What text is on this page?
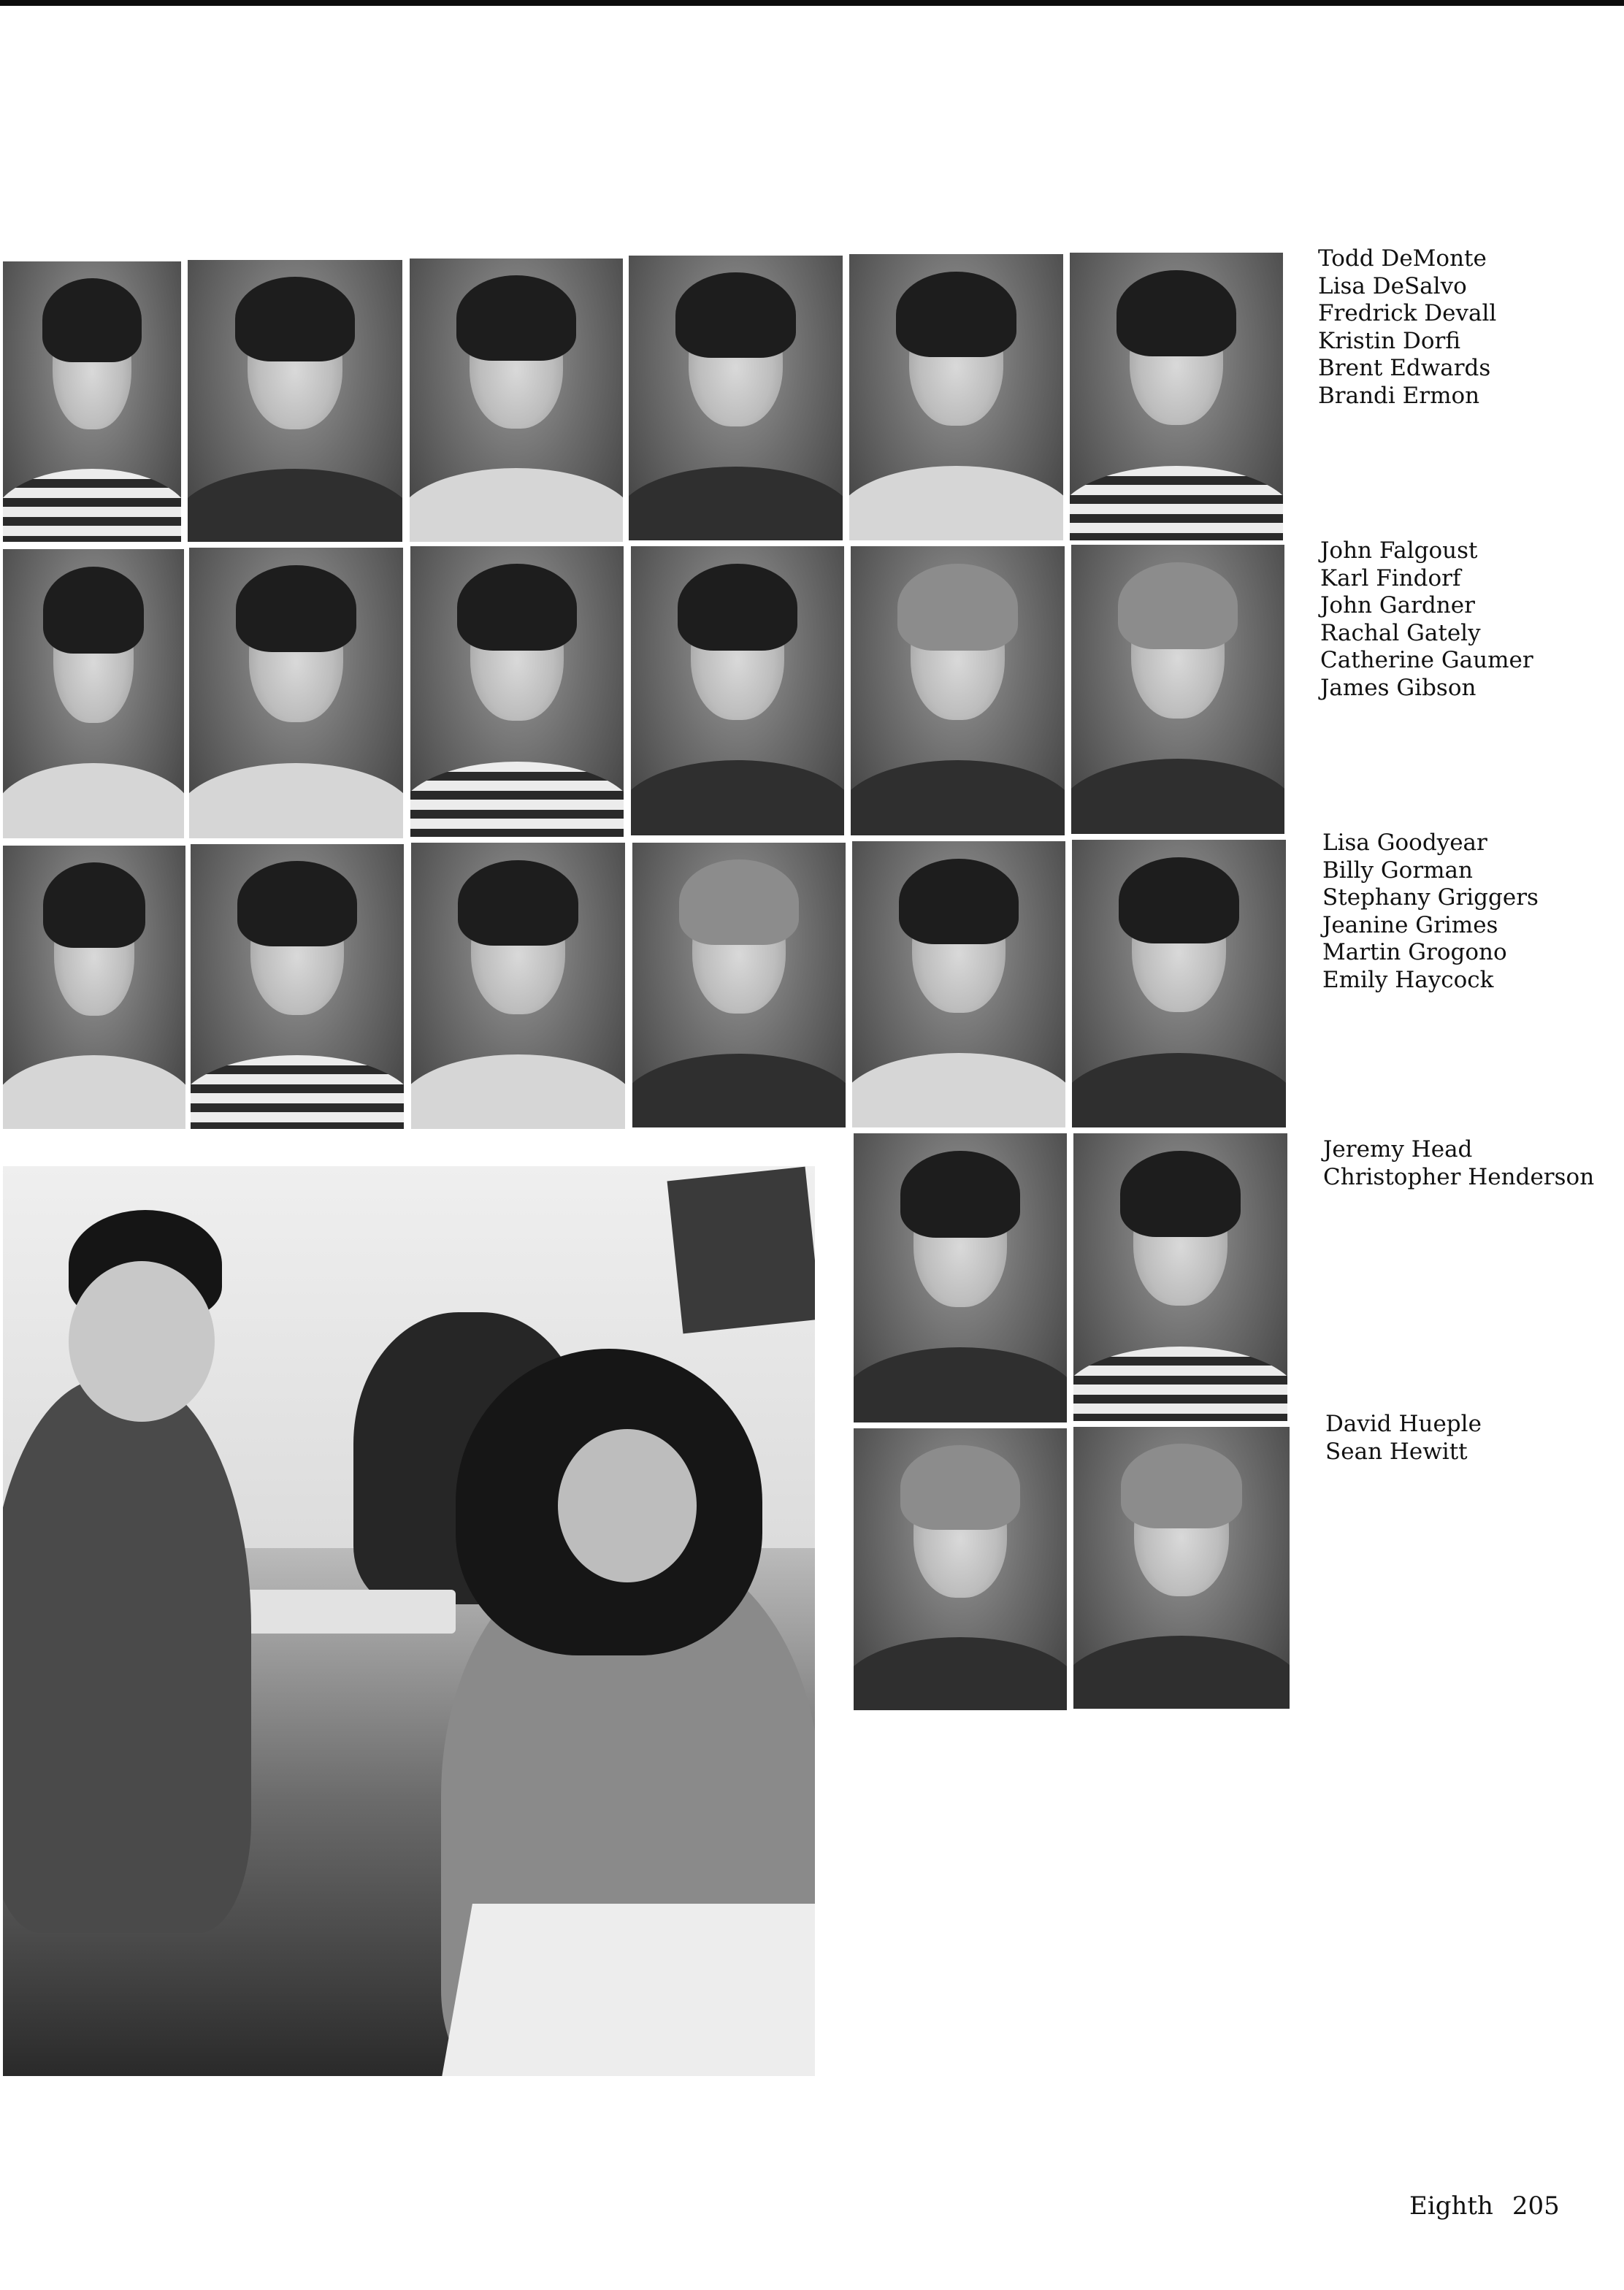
Todd DeMonte
Lisa DeSalvo
Fredrick Devall
Kristin Dorfi
Brent Edwards
Brandi Ermon
John Falgoust
Karl Findorf
John Gardner
Rachal Gately
Catherine Gaumer
James Gibson
Lisa Goodyear
Billy Gorman
Stephany Griggers
Jeanine Grimes
Martin Grogono
Emily Haycock
Jeremy Head
Christopher Henderson
David Hueple
Sean Hewitt
Eighth 205
